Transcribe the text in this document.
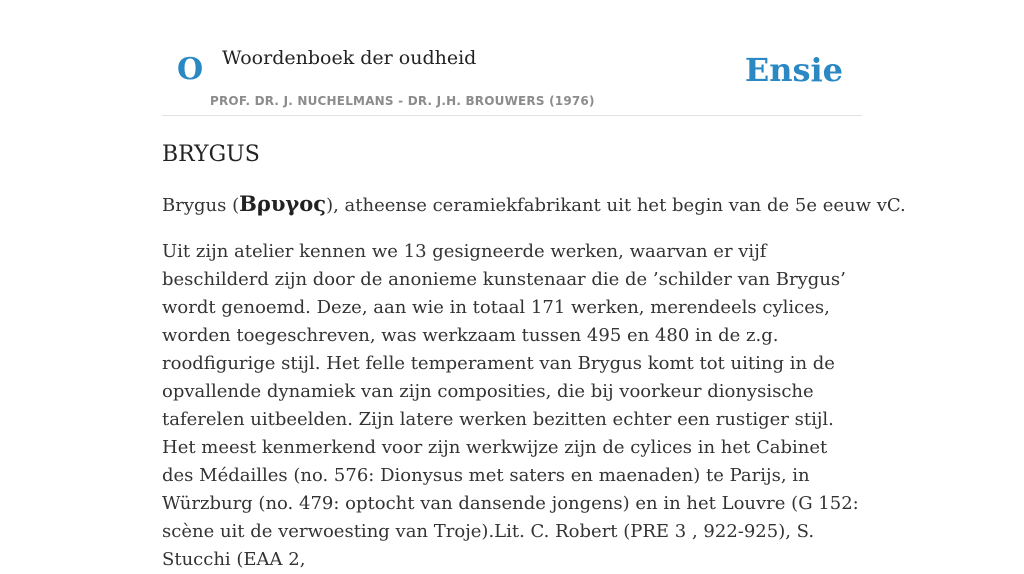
O Woordenboek der oudheid	Ensie
PROF. DR. J. NUCHELMANS - DR. J.H. BROUWERS (1976)
BRYGUS

Brygus (Βρυγος), atheense ceramiekfabrikant uit het begin van de 5e eeuw vC.

Uit zijn atelier kennen we 13 gesigneerde werken, waarvan er vijf beschilderd zijn door de anonieme kunstenaar die de ’schilder van Brygus’ wordt genoemd. Deze, aan wie in totaal 171 werken, merendeels cylices, worden toegeschreven, was werkzaam tussen 495 en 480 in de z.g. roodfigurige stijl. Het felle temperament van Brygus komt tot uiting in de opvallende dynamiek van zijn composities, die bij voorkeur dionysische taferelen uitbeelden. Zijn latere werken bezitten echter een rustiger stijl. Het meest kenmerkend voor zijn werkwijze zijn de cylices in het Cabinet des Médailles (no. 576: Dionysus met saters en maenaden) te Parijs, in Würzburg (no. 479: optocht van dansende jongens) en in het Louvre (G 152: scène uit de verwoesting van Troje).Lit. C. Robert (PRE 3 , 922-925), S. Stucchi (EAA 2,
